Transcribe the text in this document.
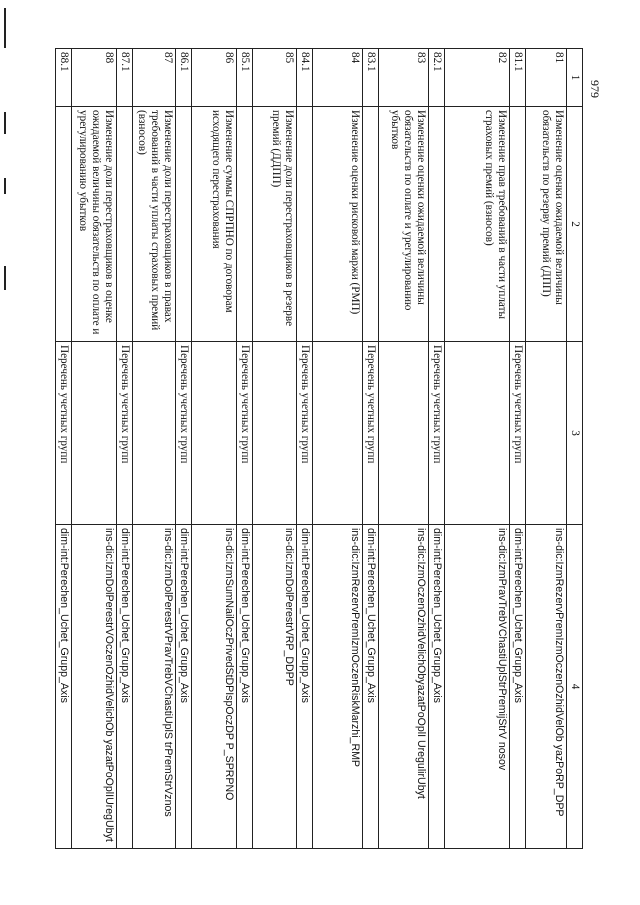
979
1	2	3	4
81	Изменение оценки ожидаемой величины обязательств по резерву премий (ДПП)		ins-dic:IzmRezervPremIzmOczenOzhidVelOb yazPoRP_DPP
81.1		Перечень учетных групп	dim-int:Perechen_Uchet_Grupp_Axis
82	Изменение прав требований в части уплаты страховых премий (взносов)		ins-dic:IzmPravTrebVChastiUplStrPremijStrV nosov
82.1		Перечень учетных групп	dim-int:Perechen_Uchet_Grupp_Axis
83	Изменение оценки ожидаемой величины обязательств по оплате и урегулированию убытков		ins-dic:IzmOczenOzhidVelichObyazatPoOplI UregulirUbyt
83.1		Перечень учетных групп	dim-int:Perechen_Uchet_Grupp_Axis
84	Изменение оценки рисковой маржи (РМП)		ins-dic:IzmRezervPremIzmOczenRiskMarzhi_RMP
84.1		Перечень учетных групп	dim-int:Perechen_Uchet_Grupp_Axis
85	Изменение доли перестраховщиков в резерве премий (ДДПП)		ins-dic:IzmDolPerestrVRP_DDPP
85.1		Перечень учетных групп	dim-int:Perechen_Uchet_Grupp_Axis
86	Изменение суммы СПРПНО по договорам исходящего перестрахования		ins-dic:IzmSumNailOczPrivedStDPIspOczDP P_SPRPNO
86.1		Перечень учетных групп	dim-int:Perechen_Uchet_Grupp_Axis
87	Изменение доли перестраховщиков в правах требований в части уплаты страховых премий (взносов)		ins-dic:IzmDolPerestrVPravTrebVChastiUplS trPremStrVznos
87.1		Перечень учетных групп	dim-int:Perechen_Uchet_Grupp_Axis
88	Изменение доли перестраховщиков в оценке ожидаемой величины обязательств по оплате и урегулированию убытков		ins-dic:IzmDolPerestrVOczenOzhidVelichOb yazatPoOplIUregUbyt
88.1		Перечень учетных групп	dim-int:Perechen_Uchet_Grupp_Axis
